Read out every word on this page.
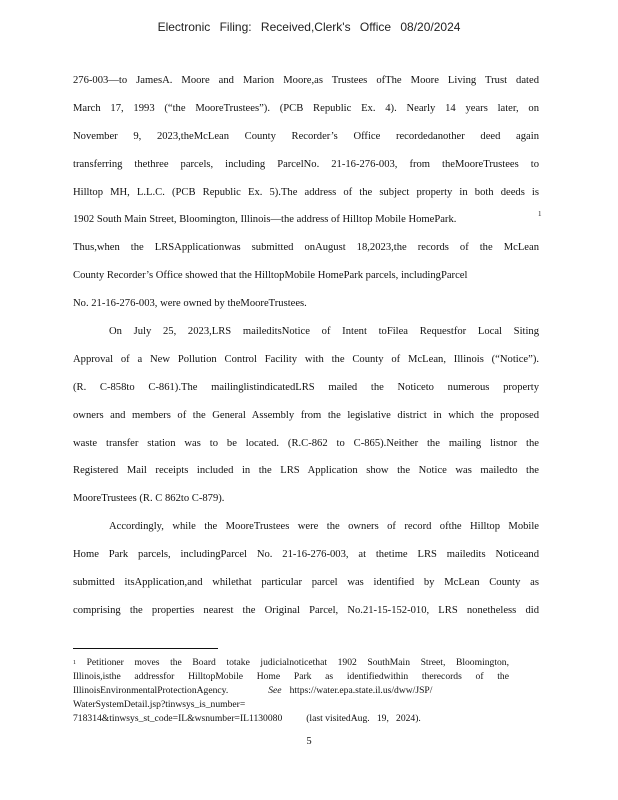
Electronic Filing: Received,Clerk's Office 08/20/2024
276-003—to JamesA. Moore and Marion Moore,as Trustees ofThe Moore Living Trust dated
March 17, 1993 (“the MooreTrustees”). (PCB Republic Ex. 4). Nearly 14 years later, on
November 9, 2023,theMcLean County Recorder’s Office recordedanother deed again
transferring thethree parcels, including ParcelNo. 21-16-276-003, from theMooreTrustees to
Hilltop MH, L.L.C. (PCB Republic Ex. 5).The address of the subject property in both deeds is
1902 South Main Street, Bloomington, Illinois—the address of Hilltop Mobile HomePark.
Thus,when the LRSApplicationwas submitted onAugust 18,2023,the records of the McLean
County Recorder’s Office showed that the HilltopMobile HomePark parcels, includingParcel
No. 21-16-276-003, were owned by theMooreTrustees.
On July 25, 2023,LRS maileditsNotice of Intent toFilea Requestfor Local Siting
Approval of a New Pollution Control Facility with the County of McLean, Illinois (“Notice”).
(R. C-858to C-861).The mailinglistindicatedLRS mailed the Noticeto numerous property
owners and members of the General Assembly from the legislative district in which the proposed
waste transfer station was to be located. (R.C-862 to C-865).Neither the mailing listnor the
Registered Mail receipts included in the LRS Application show the Notice was mailedto the
MooreTrustees (R. C 862to C-879).
Accordingly, while the MooreTrustees were the owners of record ofthe Hilltop Mobile
Home Park parcels, includingParcel No. 21-16-276-003, at thetime LRS mailedits Noticeand
submitted itsApplication,and whilethat particular parcel was identified by McLean County as
comprising the properties nearest the Original Parcel, No.21-15-152-010, LRS nonetheless did
1
$^1$ Petitioner moves the Board totake judicialnoticethat 1902 SouthMain Street, Bloomington,
Illinois,isthe addressfor HilltopMobile Home Park as identifiedwithin therecords of the
IllinoisEnvironmentalProtectionAgency.	See https://water.epa.state.il.us/dww/JSP/
WaterSystemDetail.jsp?tinwsys_is_number=
718314&tinwsys_st_code=IL&wsnumber=IL1130080          (last visitedAug.   19,   2024).
5
